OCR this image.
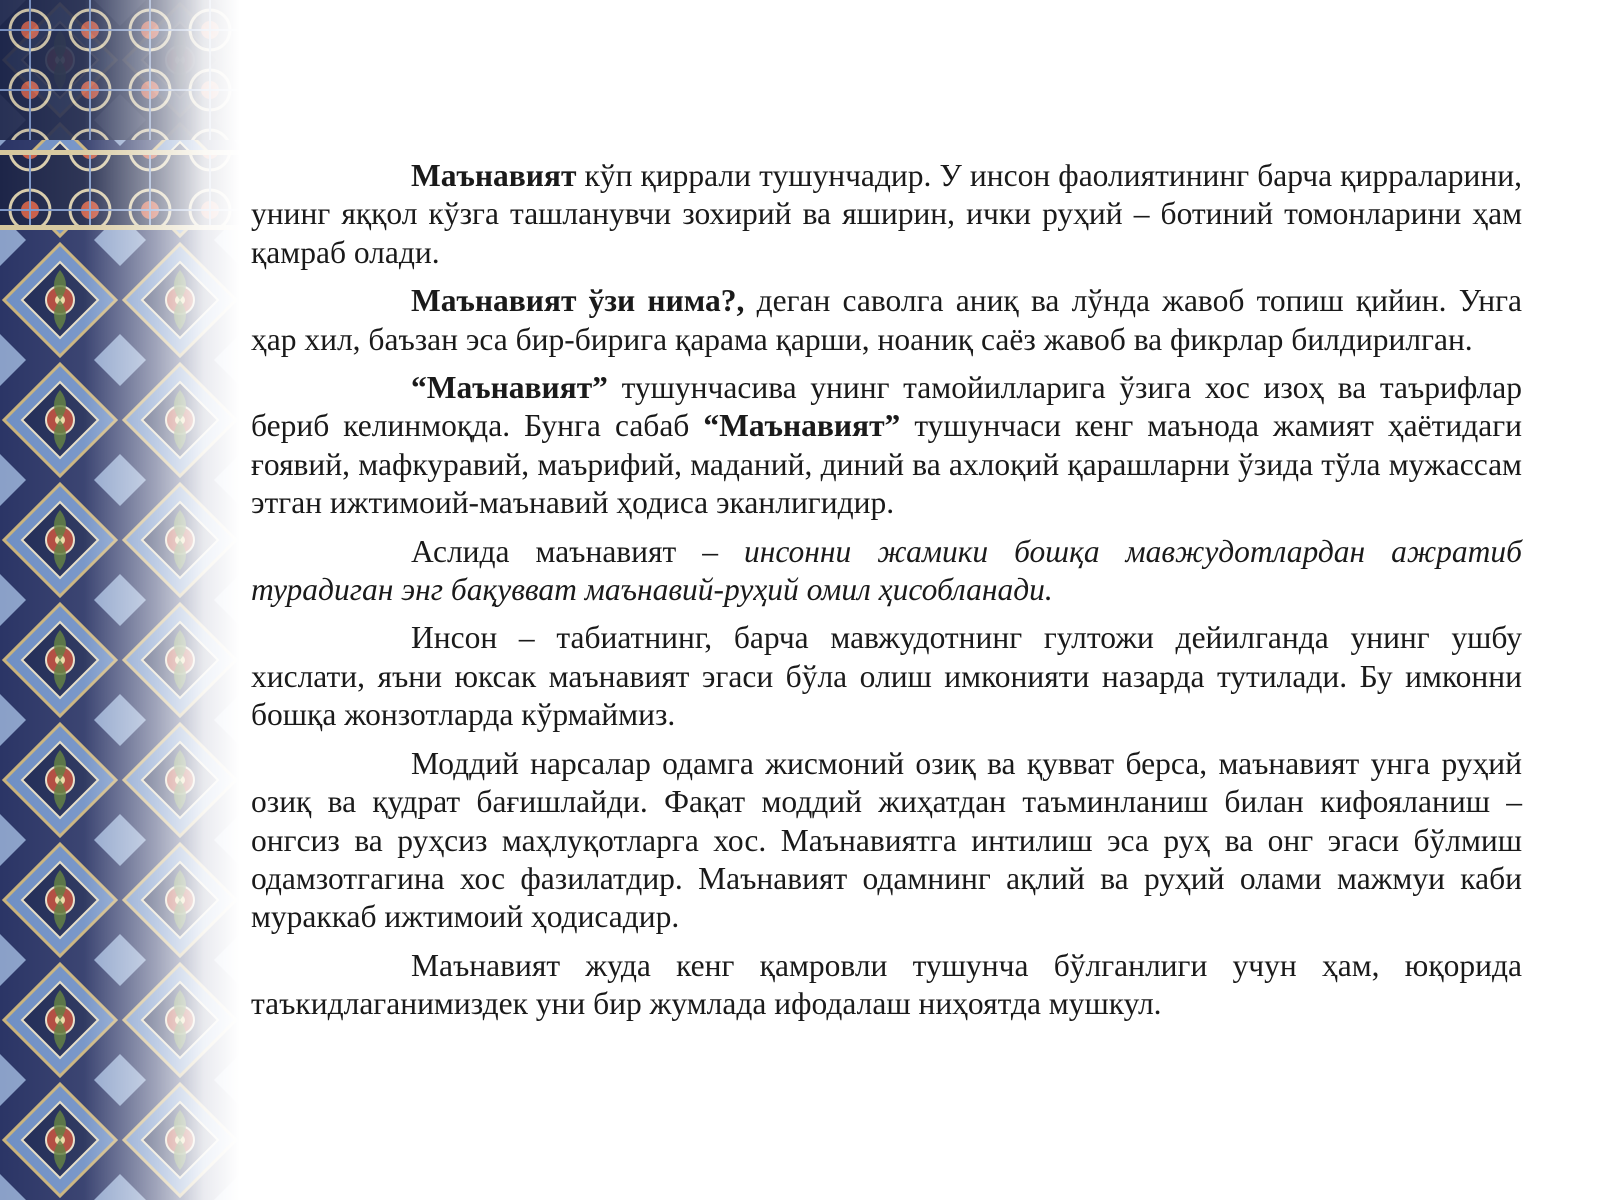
Маънавият кўп қиррали тушунчадир. У инсон фаолиятининг барча қирраларини, унинг яққол кўзга ташланувчи зохирий ва яширин, ички руҳий – ботиний томонларини ҳам қамраб олади.

Маънавият ўзи нима?, деган саволга аниқ ва лўнда жавоб топиш қийин. Унга ҳар хил, баъзан эса бир-бирига қарама қарши, ноаниқ саёз жавоб ва фикрлар билдирилган.

“Маънавият” тушунчасива унинг тамойилларига ўзига хос изоҳ ва таърифлар бериб келинмоқда. Бунга сабаб “Маънавият” тушунчаси кенг маънода жамият ҳаётидаги ғоявий, мафкуравий, маърифий, маданий, диний ва ахлоқий қарашларни ўзида тўла мужассам этган ижтимоий-маънавий ҳодиса эканлигидир.

Аслида маънавият – инсонни жамики бошқа мавжудотлардан ажратиб турадиган энг бақувват маънавий-руҳий омил ҳисобланади.

Инсон – табиатнинг, барча мавжудотнинг гултожи дейилганда унинг ушбу хислати, яъни юксак маънавият эгаси бўла олиш имконияти назарда тутилади. Бу имконни бошқа жонзотларда кўрмаймиз.

Моддий нарсалар одамга жисмоний озиқ ва қувват берса, маънавият унга руҳий озиқ ва қудрат бағишлайди. Фақат моддий жиҳатдан таъминланиш билан кифояланиш – онгсиз ва руҳсиз маҳлуқотларга хос. Маънавиятга интилиш эса руҳ ва онг эгаси бўлмиш одамзотгагина хос фазилатдир. Маънавият одамнинг ақлий ва руҳий олами мажмуи каби мураккаб ижтимоий ҳодисадир.

Маънавият жуда кенг қамровли тушунча бўлганлиги учун ҳам, юқорида таъкидлаганимиздек уни бир жумлада ифодалаш ниҳоятда мушкул.
